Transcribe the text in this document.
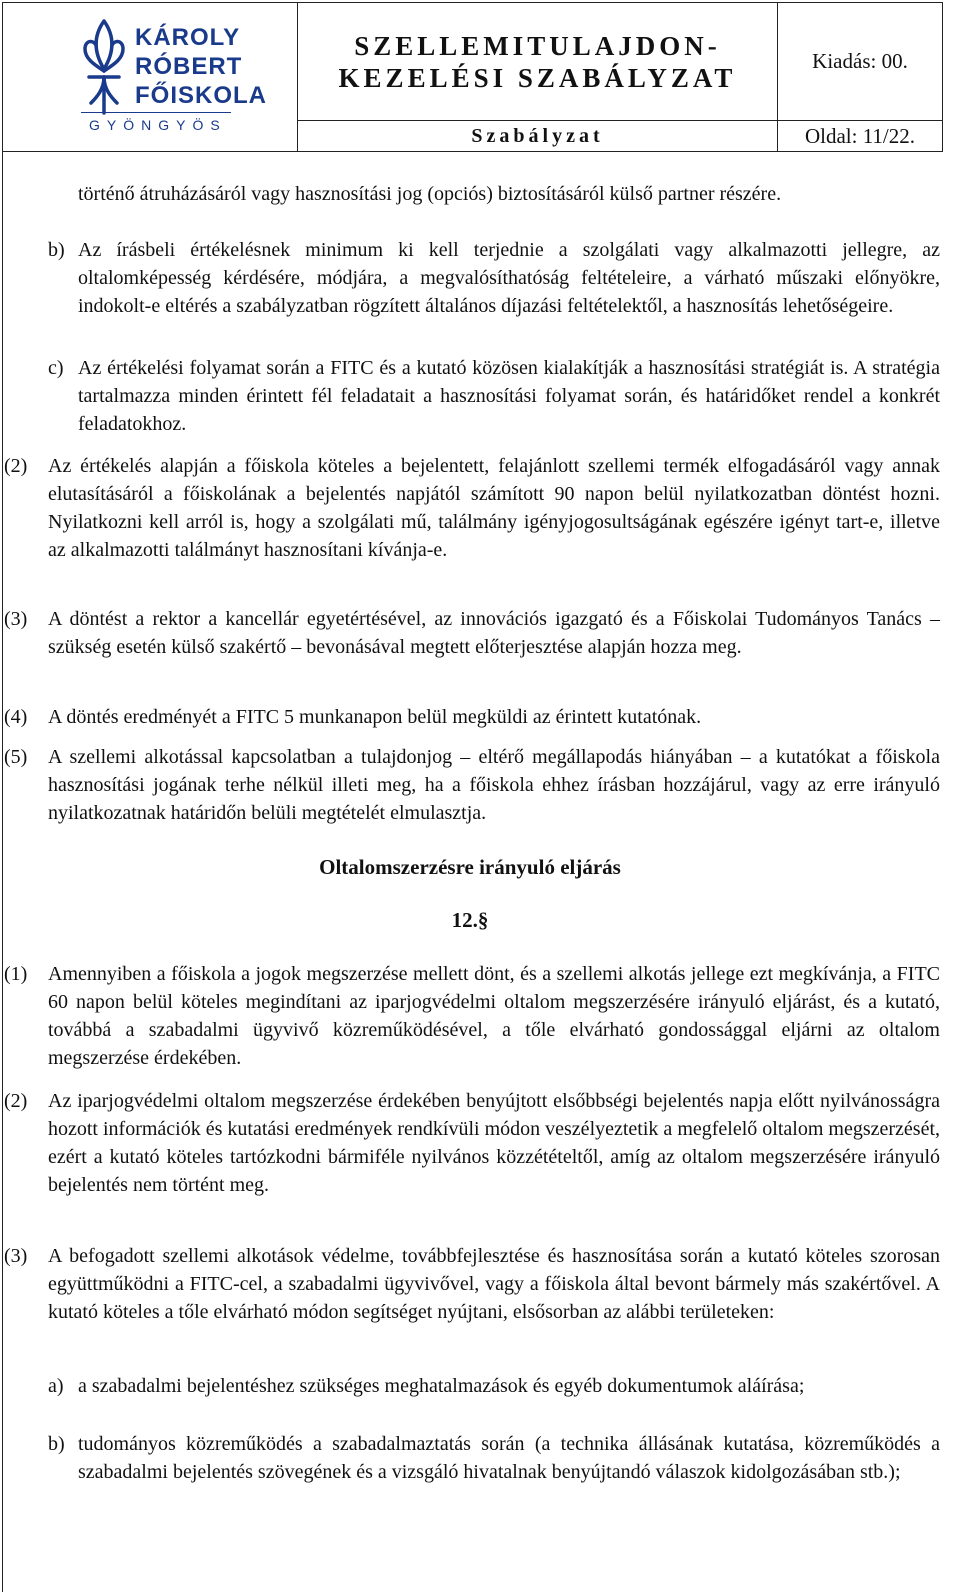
KÁROLY
RÓBERT
FŐISKOLA
GYÖNGYÖS
SZELLEMITULAJDON-
KEZELÉSI SZABÁLYZAT
Kiadás: 00.
Szabályzat	Oldal: 11/22.

történő átruházásáról vagy hasznosítási jog (opciós) biztosításáról külső partner részére.

b) Az írásbeli értékelésnek minimum ki kell terjednie a szolgálati vagy alkalmazotti jellegre, az oltalomképesség kérdésére, módjára, a megvalósíthatóság feltételeire, a várható műszaki előnyökre, indokolt-e eltérés a szabályzatban rögzített általános díjazási feltételektől, a hasznosítás lehetőségeire.

c) Az értékelési folyamat során a FITC és a kutató közösen kialakítják a hasznosítási stratégiát is. A stratégia tartalmazza minden érintett fél feladatait a hasznosítási folyamat során, és határidőket rendel a konkrét feladatokhoz.

(2) Az értékelés alapján a főiskola köteles a bejelentett, felajánlott szellemi termék elfogadásáról vagy annak elutasításáról a főiskolának a bejelentés napjától számított 90 napon belül nyilatkozatban döntést hozni. Nyilatkozni kell arról is, hogy a szolgálati mű, találmány igényjogosultságának egészére igényt tart-e, illetve az alkalmazotti találmányt hasznosítani kívánja-e.

(3) A döntést a rektor a kancellár egyetértésével, az innovációs igazgató és a Főiskolai Tudományos Tanács – szükség esetén külső szakértő – bevonásával megtett előterjesztése alapján hozza meg.

(4) A döntés eredményét a FITC 5 munkanapon belül megküldi az érintett kutatónak.

(5) A szellemi alkotással kapcsolatban a tulajdonjog – eltérő megállapodás hiányában – a kutatókat a főiskola hasznosítási jogának terhe nélkül illeti meg, ha a főiskola ehhez írásban hozzájárul, vagy az erre irányuló nyilatkozatnak határidőn belüli megtételét elmulasztja.

Oltalomszerzésre irányuló eljárás
12.§
(1) Amennyiben a főiskola a jogok megszerzése mellett dönt, és a szellemi alkotás jellege ezt megkívánja, a FITC 60 napon belül köteles megindítani az iparjogvédelmi oltalom megszerzésére irányuló eljárást, és a kutató, továbbá a szabadalmi ügyvivő közreműködésével, a tőle elvárható gondossággal eljárni az oltalom megszerzése érdekében.

(2) Az iparjogvédelmi oltalom megszerzése érdekében benyújtott elsőbbségi bejelentés napja előtt nyilvánosságra hozott információk és kutatási eredmények rendkívüli módon veszélyeztetik a megfelelő oltalom megszerzését, ezért a kutató köteles tartózkodni bármiféle nyilvános közzétételtől, amíg az oltalom megszerzésére irányuló bejelentés nem történt meg.

(3) A befogadott szellemi alkotások védelme, továbbfejlesztése és hasznosítása során a kutató köteles szorosan együttműködni a FITC-cel, a szabadalmi ügyvivővel, vagy a főiskola által bevont bármely más szakértővel. A kutató köteles a tőle elvárható módon segítséget nyújtani, elsősorban az alábbi területeken:

a) a szabadalmi bejelentéshez szükséges meghatalmazások és egyéb dokumentumok aláírása;

b) tudományos közreműködés a szabadalmaztatás során (a technika állásának kutatása, közreműködés a szabadalmi bejelentés szövegének és a vizsgáló hivatalnak benyújtandó válaszok kidolgozásában stb.);
